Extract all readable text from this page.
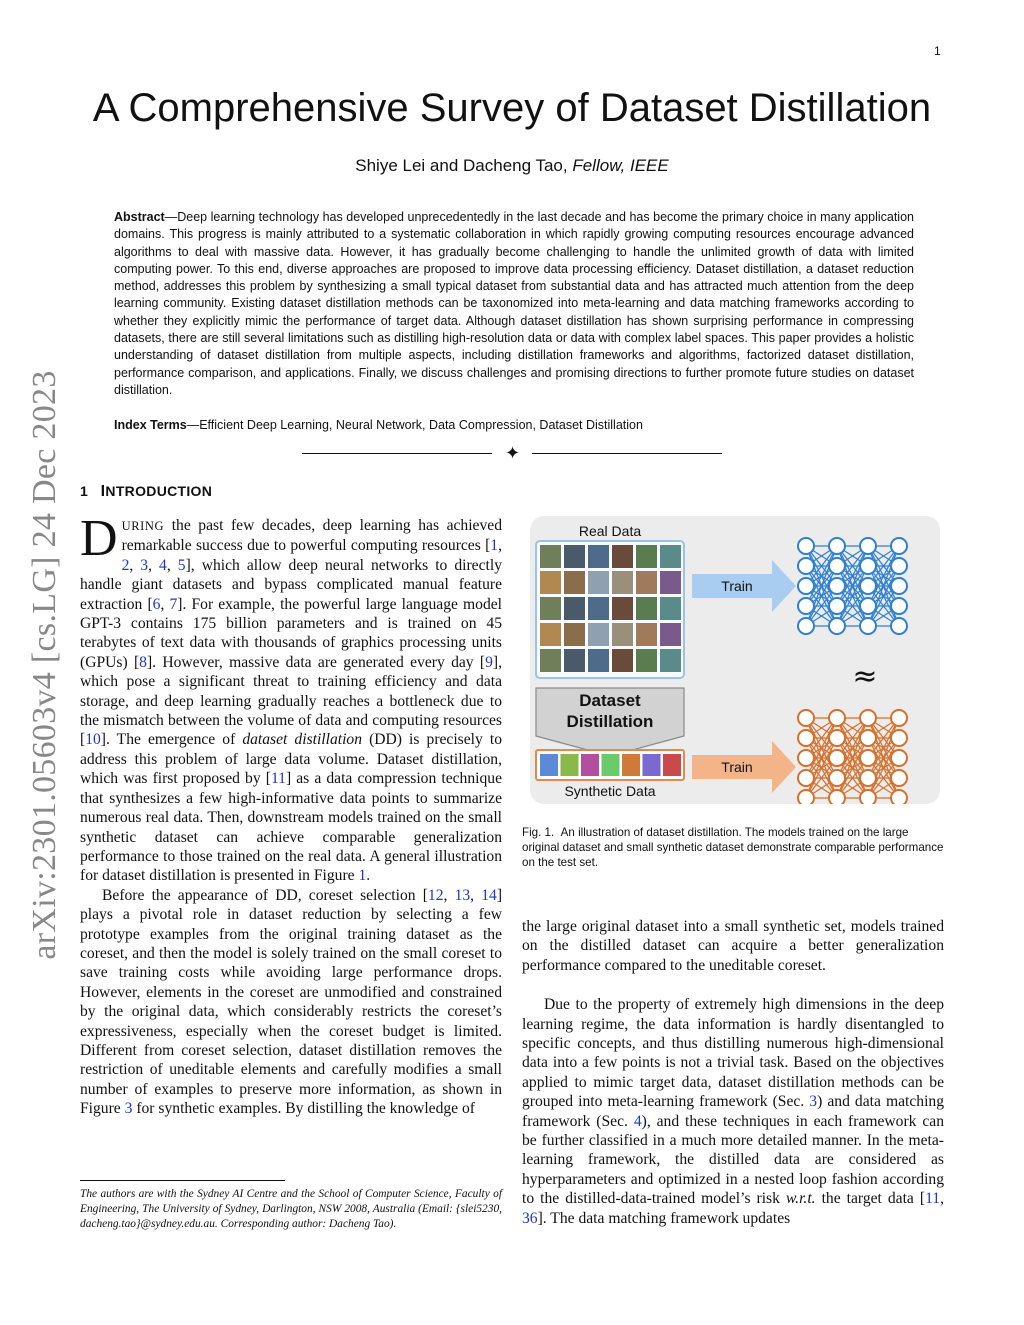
1
arXiv:2301.05603v4 [cs.LG] 24 Dec 2023
A Comprehensive Survey of Dataset Distillation
Shiye Lei and Dacheng Tao, Fellow, IEEE
Abstract—Deep learning technology has developed unprecedentedly in the last decade and has become the primary choice in many application domains. This progress is mainly attributed to a systematic collaboration in which rapidly growing computing resources encourage advanced algorithms to deal with massive data. However, it has gradually become challenging to handle the unlimited growth of data with limited computing power. To this end, diverse approaches are proposed to improve data processing efficiency. Dataset distillation, a dataset reduction method, addresses this problem by synthesizing a small typical dataset from substantial data and has attracted much attention from the deep learning community. Existing dataset distillation methods can be taxonomized into meta-learning and data matching frameworks according to whether they explicitly mimic the performance of target data. Although dataset distillation has shown surprising performance in compressing datasets, there are still several limitations such as distilling high-resolution data or data with complex label spaces. This paper provides a holistic understanding of dataset distillation from multiple aspects, including distillation frameworks and algorithms, factorized dataset distillation, performance comparison, and applications. Finally, we discuss challenges and promising directions to further promote future studies on dataset distillation.
Index Terms—Efficient Deep Learning, Neural Network, Data Compression, Dataset Distillation
✦
1 INTRODUCTION

DURING the past few decades, deep learning has achieved remarkable success due to powerful computing resources [1, 2, 3, 4, 5], which allow deep neural networks to directly handle giant datasets and bypass complicated manual feature extraction [6, 7]. For example, the powerful large language model GPT-3 contains 175 billion parameters and is trained on 45 terabytes of text data with thousands of graphics processing units (GPUs) [8]. However, massive data are generated every day [9], which pose a significant threat to training efficiency and data storage, and deep learning gradually reaches a bottleneck due to the mismatch between the volume of data and computing resources [10]. The emergence of dataset distillation (DD) is precisely to address this problem of large data volume. Dataset distillation, which was first proposed by [11] as a data compression technique that synthesizes a few high-informative data points to summarize numerous real data. Then, downstream models trained on the small synthetic dataset can achieve comparable generalization performance to those trained on the real data. A general illustration for dataset distillation is presented in Figure 1.

Before the appearance of DD, coreset selection [12, 13, 14] plays a pivotal role in dataset reduction by selecting a few prototype examples from the original training dataset as the coreset, and then the model is solely trained on the small coreset to save training costs while avoiding large performance drops. However, elements in the coreset are unmodified and constrained by the original data, which considerably restricts the coreset’s expressiveness, especially when the coreset budget is limited. Different from coreset selection, dataset distillation removes the restriction of uneditable elements and carefully modifies a small number of examples to preserve more information, as shown in Figure 3 for synthetic examples. By distilling the knowledge of

The authors are with the Sydney AI Centre and the School of Computer Science, Faculty of Engineering, The University of Sydney, Darlington, NSW 2008, Australia (Email: {slei5230, dacheng.tao}@sydney.edu.au. Corresponding author: Dacheng Tao).
Real Data
Dataset
Distillation
Synthetic Data
Train
Train
≈
Fig. 1. An illustration of dataset distillation. The models trained on the large original dataset and small synthetic dataset demonstrate comparable performance on the test set.

the large original dataset into a small synthetic set, models trained on the distilled dataset can acquire a better generalization performance compared to the uneditable coreset.

Due to the property of extremely high dimensions in the deep learning regime, the data information is hardly disentangled to specific concepts, and thus distilling numerous high-dimensional data into a few points is not a trivial task. Based on the objectives applied to mimic target data, dataset distillation methods can be grouped into meta-learning framework (Sec. 3) and data matching framework (Sec. 4), and these techniques in each framework can be further classified in a much more detailed manner. In the meta-learning framework, the distilled data are considered as hyperparameters and optimized in a nested loop fashion according to the distilled-data-trained model’s risk w.r.t. the target data [11, 36]. The data matching framework updates
